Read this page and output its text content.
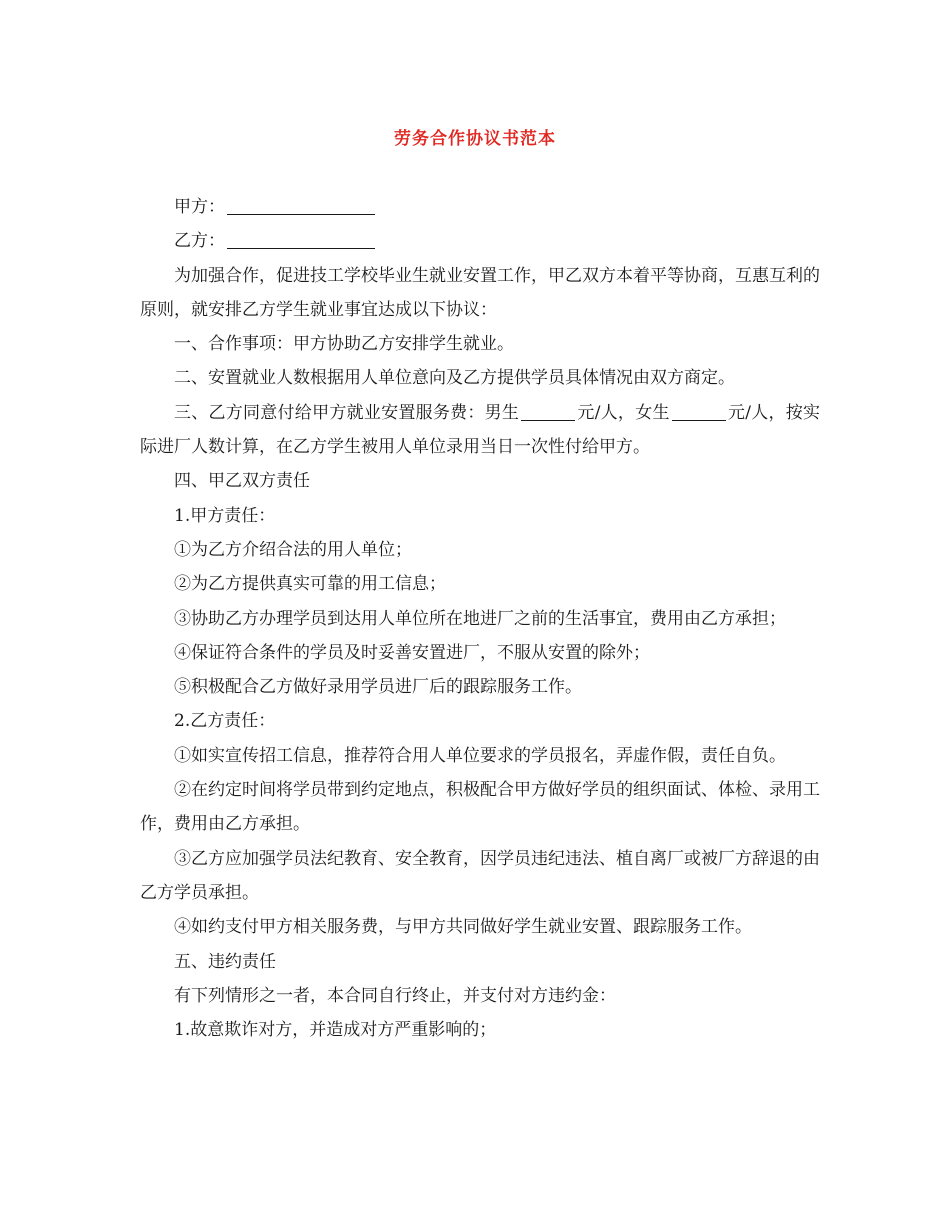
劳务合作协议书范本

甲方：

乙方：

为加强合作，促进技工学校毕业生就业安置工作，甲乙双方本着平等协商，互惠互利的原则，就安排乙方学生就业事宜达成以下协议：

一、合作事项：甲方协助乙方安排学生就业。

二、安置就业人数根据用人单位意向及乙方提供学员具体情况由双方商定。

三、乙方同意付给甲方就业安置服务费：男生	元/人，女生	元/人，按实际进厂人数计算，在乙方学生被用人单位录用当日一次性付给甲方。

四、甲乙双方责任

1.甲方责任：

①为乙方介绍合法的用人单位；

②为乙方提供真实可靠的用工信息；

③协助乙方办理学员到达用人单位所在地进厂之前的生活事宜，费用由乙方承担；

④保证符合条件的学员及时妥善安置进厂，不服从安置的除外；

⑤积极配合乙方做好录用学员进厂后的跟踪服务工作。

2.乙方责任：

①如实宣传招工信息，推荐符合用人单位要求的学员报名，弄虚作假，责任自负。

②在约定时间将学员带到约定地点，积极配合甲方做好学员的组织面试、体检、录用工作，费用由乙方承担。

③乙方应加强学员法纪教育、安全教育，因学员违纪违法、植自离厂或被厂方辞退的由乙方学员承担。

④如约支付甲方相关服务费，与甲方共同做好学生就业安置、跟踪服务工作。

五、违约责任

有下列情形之一者，本合同自行终止，并支付对方违约金：

1.故意欺诈对方，并造成对方严重影响的；
